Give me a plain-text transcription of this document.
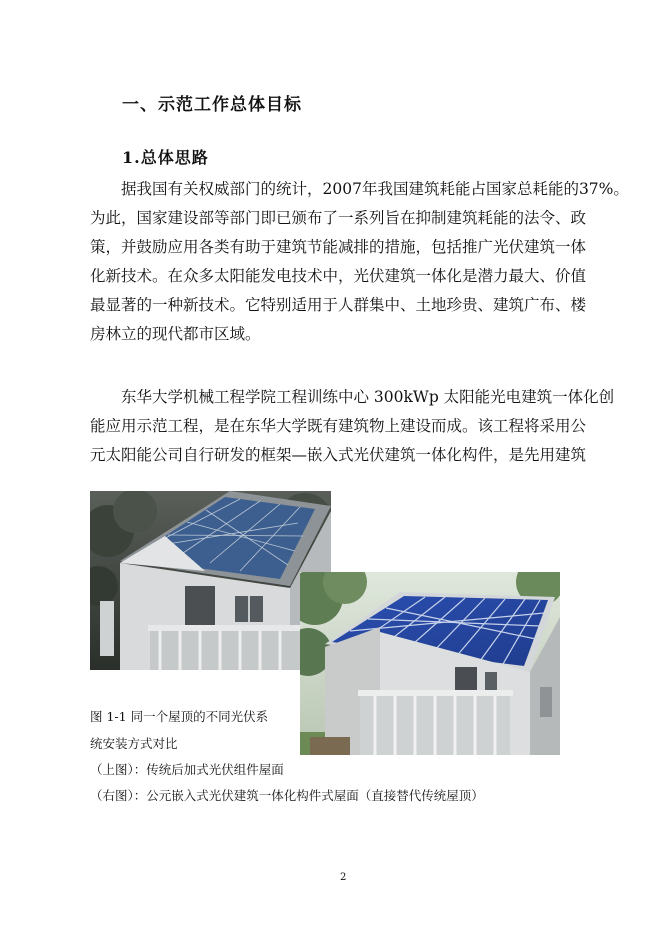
一、示范工作总体目标
1.总体思路
据我国有关权威部门的统计，2007年我国建筑耗能占国家总耗能的37%。
为此，国家建设部等部门即已颁布了一系列旨在抑制建筑耗能的法令、政
策，并鼓励应用各类有助于建筑节能减排的措施，包括推广光伏建筑一体
化新技术。在众多太阳能发电技术中，光伏建筑一体化是潜力最大、价值
最显著的一种新技术。它特别适用于人群集中、土地珍贵、建筑广布、楼
房林立的现代都市区域。
东华大学机械工程学院工程训练中心 300kWp 太阳能光电建筑一体化创
能应用示范工程，是在东华大学既有建筑物上建设而成。该工程将采用公
元太阳能公司自行研发的框架—嵌入式光伏建筑一体化构件，是先用建筑
图 1-1 同一个屋顶的不同光伏系
统安装方式对比
（上图）：传统后加式光伏组件屋面
（右图）：公元嵌入式光伏建筑一体化构件式屋面（直接替代传统屋顶）
2
